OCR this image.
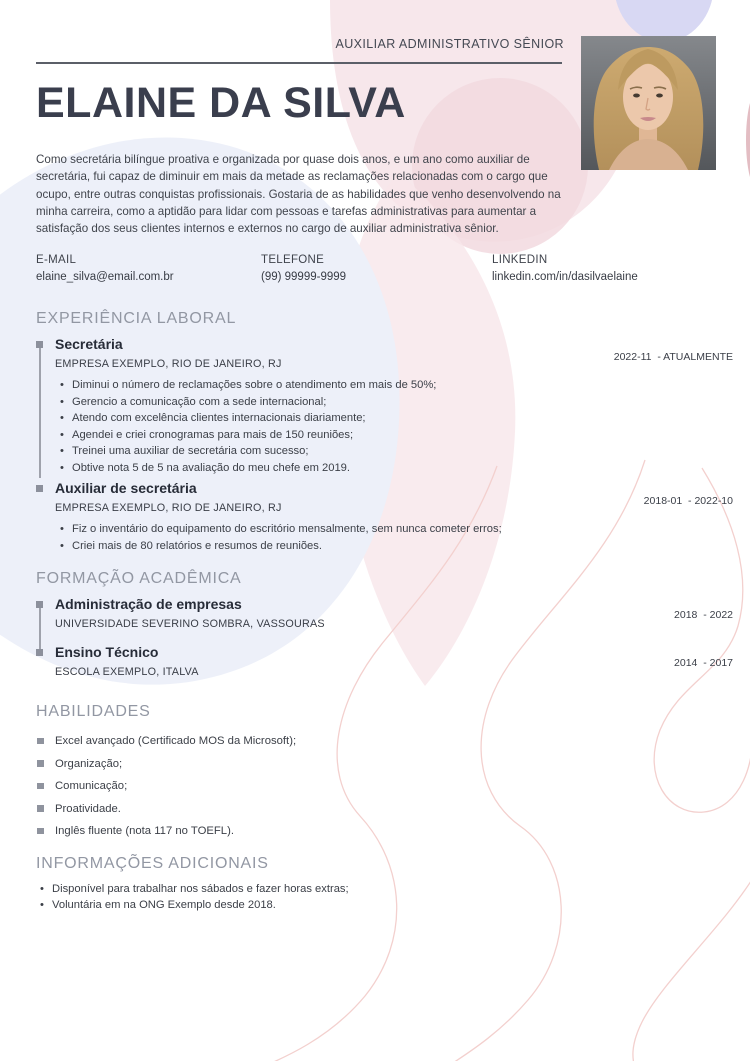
AUXILIAR ADMINISTRATIVO SÊNIOR
ELAINE DA SILVA

Como secretária bilíngue proativa e organizada por quase dois anos, e um ano como auxiliar de secretária, fui capaz de diminuir em mais da metade as reclamações relacionadas com o cargo que ocupo, entre outras conquistas profissionais. Gostaria de as habilidades que venho desenvolvendo na minha carreira, como a aptidão para lidar com pessoas e tarefas administrativas para aumentar a satisfação dos seus clientes internos e externos no cargo de auxiliar administrativa sênior.

E-MAIL
elaine_silva@email.com.br
TELEFONE
(99) 99999-9999
LINKEDIN
linkedin.com/in/dasilvaelaine
EXPERIÊNCIA LABORAL
Secretária
2022-11  - ATUALMENTE
EMPRESA EXEMPLO, RIO DE JANEIRO, RJ
• Diminui o número de reclamações sobre o atendimento em mais de 50%;
• Gerencio a comunicação com a sede internacional;
• Atendo com excelência clientes internacionais diariamente;
• Agendei e criei cronogramas para mais de 150 reuniões;
• Treinei uma auxiliar de secretária com sucesso;
• Obtive nota 5 de 5 na avaliação do meu chefe em 2019.
Auxiliar de secretária
2018-01  - 2022-10
EMPRESA EXEMPLO, RIO DE JANEIRO, RJ
• Fiz o inventário do equipamento do escritório mensalmente, sem nunca cometer erros;
• Criei mais de 80 relatórios e resumos de reuniões.
FORMAÇÃO ACADÊMICA
Administração de empresas
2018  - 2022
UNIVERSIDADE SEVERINO SOMBRA, VASSOURAS
Ensino Técnico
2014  - 2017
ESCOLA EXEMPLO, ITALVA
HABILIDADES
Excel avançado (Certificado MOS da Microsoft);
Organização;
Comunicação;
Proatividade.
Inglês fluente (nota 117 no TOEFL).
INFORMAÇÕES ADICIONAIS
• Disponível para trabalhar nos sábados e fazer horas extras;
• Voluntária em na ONG Exemplo desde 2018.
